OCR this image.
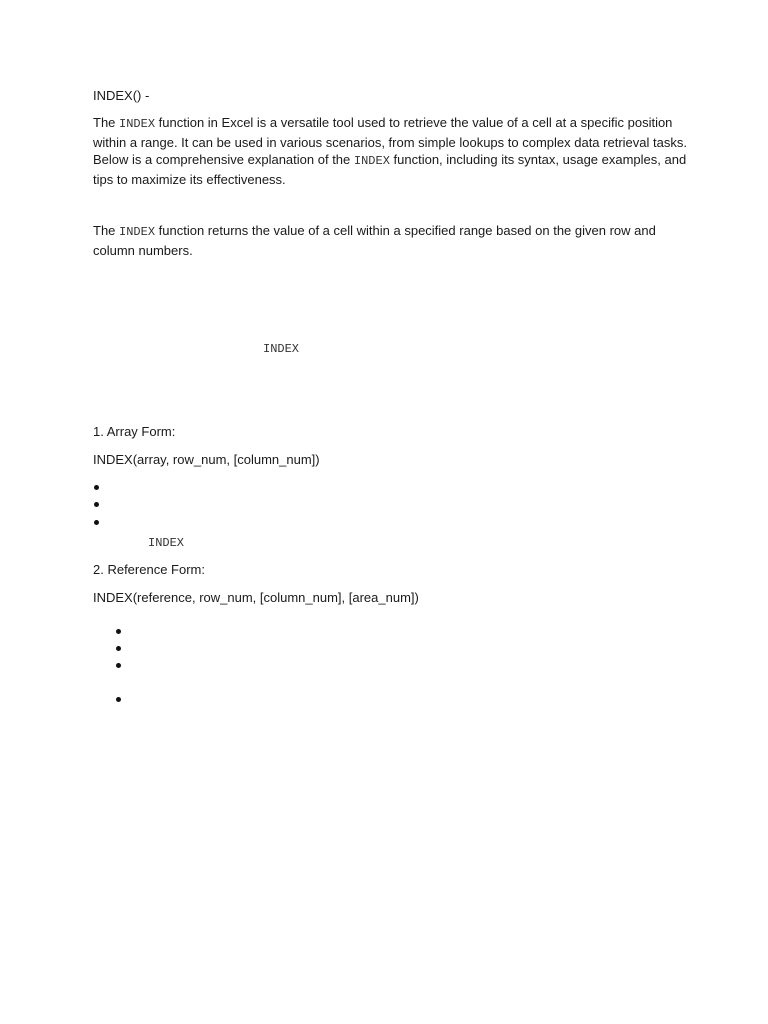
INDEX() -
The INDEX function in Excel is a versatile tool used to retrieve the value of a cell at a specific position within a range. It can be used in various scenarios, from simple lookups to complex data retrieval tasks. Below is a comprehensive explanation of the INDEX function, including its syntax, usage examples, and tips to maximize its effectiveness.
The INDEX function returns the value of a cell within a specified range based on the given row and column numbers.
INDEX
1. Array Form:
INDEX(array, row_num, [column_num])
INDEX
2. Reference Form:
INDEX(reference, row_num, [column_num], [area_num])
